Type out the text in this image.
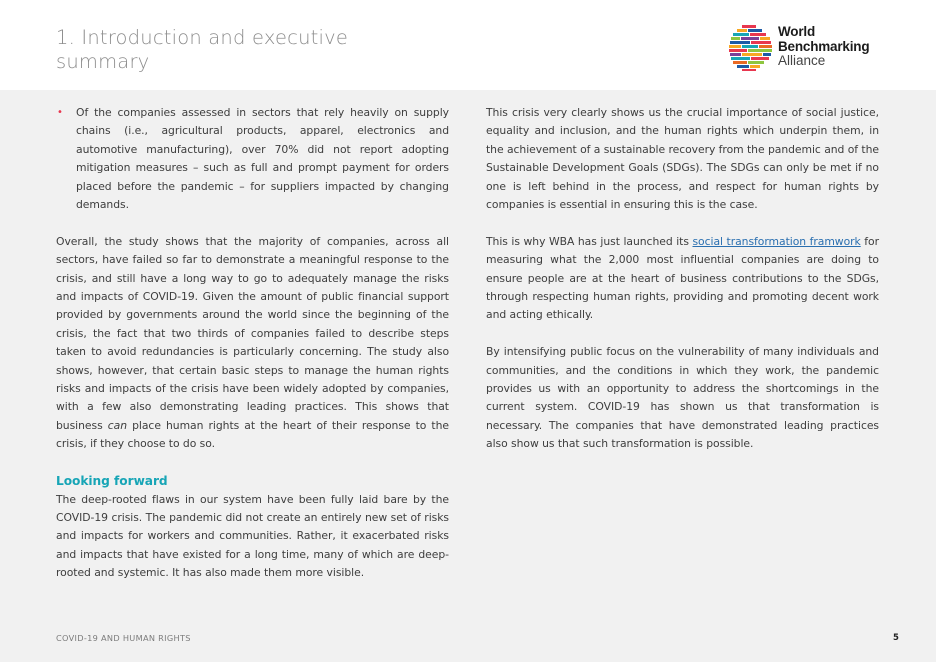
1. Introduction and executive summary
World
Benchmarking
Alliance
• Of the companies assessed in sectors that rely heavily on supply chains (i.e., agricultural products, apparel, electronics and automotive manufacturing), over 70% did not report adopting mitigation measures – such as full and prompt payment for orders placed before the pandemic – for suppliers impacted by changing demands.

Overall, the study shows that the majority of companies, across all sectors, have failed so far to demonstrate a meaningful response to the crisis, and still have a long way to go to adequately manage the risks and impacts of COVID-19. Given the amount of public financial support provided by governments around the world since the beginning of the crisis, the fact that two thirds of companies failed to describe steps taken to avoid redundancies is particularly concerning. The study also shows, however, that certain basic steps to manage the human rights risks and impacts of the crisis have been widely adopted by companies, with a few also demonstrating leading practices. This shows that business can place human rights at the heart of their response to the crisis, if they choose to do so.

Looking forward

The deep-rooted flaws in our system have been fully laid bare by the COVID-19 crisis. The pandemic did not create an entirely new set of risks and impacts for workers and communities. Rather, it exacerbated risks and impacts that have existed for a long time, many of which are deep-rooted and systemic. It has also made them more visible.

This crisis very clearly shows us the crucial importance of social justice, equality and inclusion, and the human rights which underpin them, in the achievement of a sustainable recovery from the pandemic and of the Sustainable Development Goals (SDGs). The SDGs can only be met if no one is left behind in the process, and respect for human rights by companies is essential in ensuring this is the case.

This is why WBA has just launched its social transformation framwork for measuring what the 2,000 most influential companies are doing to ensure people are at the heart of business contributions to the SDGs, through respecting human rights, providing and promoting decent work and acting ethically.

By intensifying public focus on the vulnerability of many individuals and communities, and the conditions in which they work, the pandemic provides us with an opportunity to address the shortcomings in the current system. COVID-19 has shown us that transformation is necessary. The companies that have demonstrated leading practices also show us that such transformation is possible.

COVID-19 AND HUMAN RIGHTS	5
